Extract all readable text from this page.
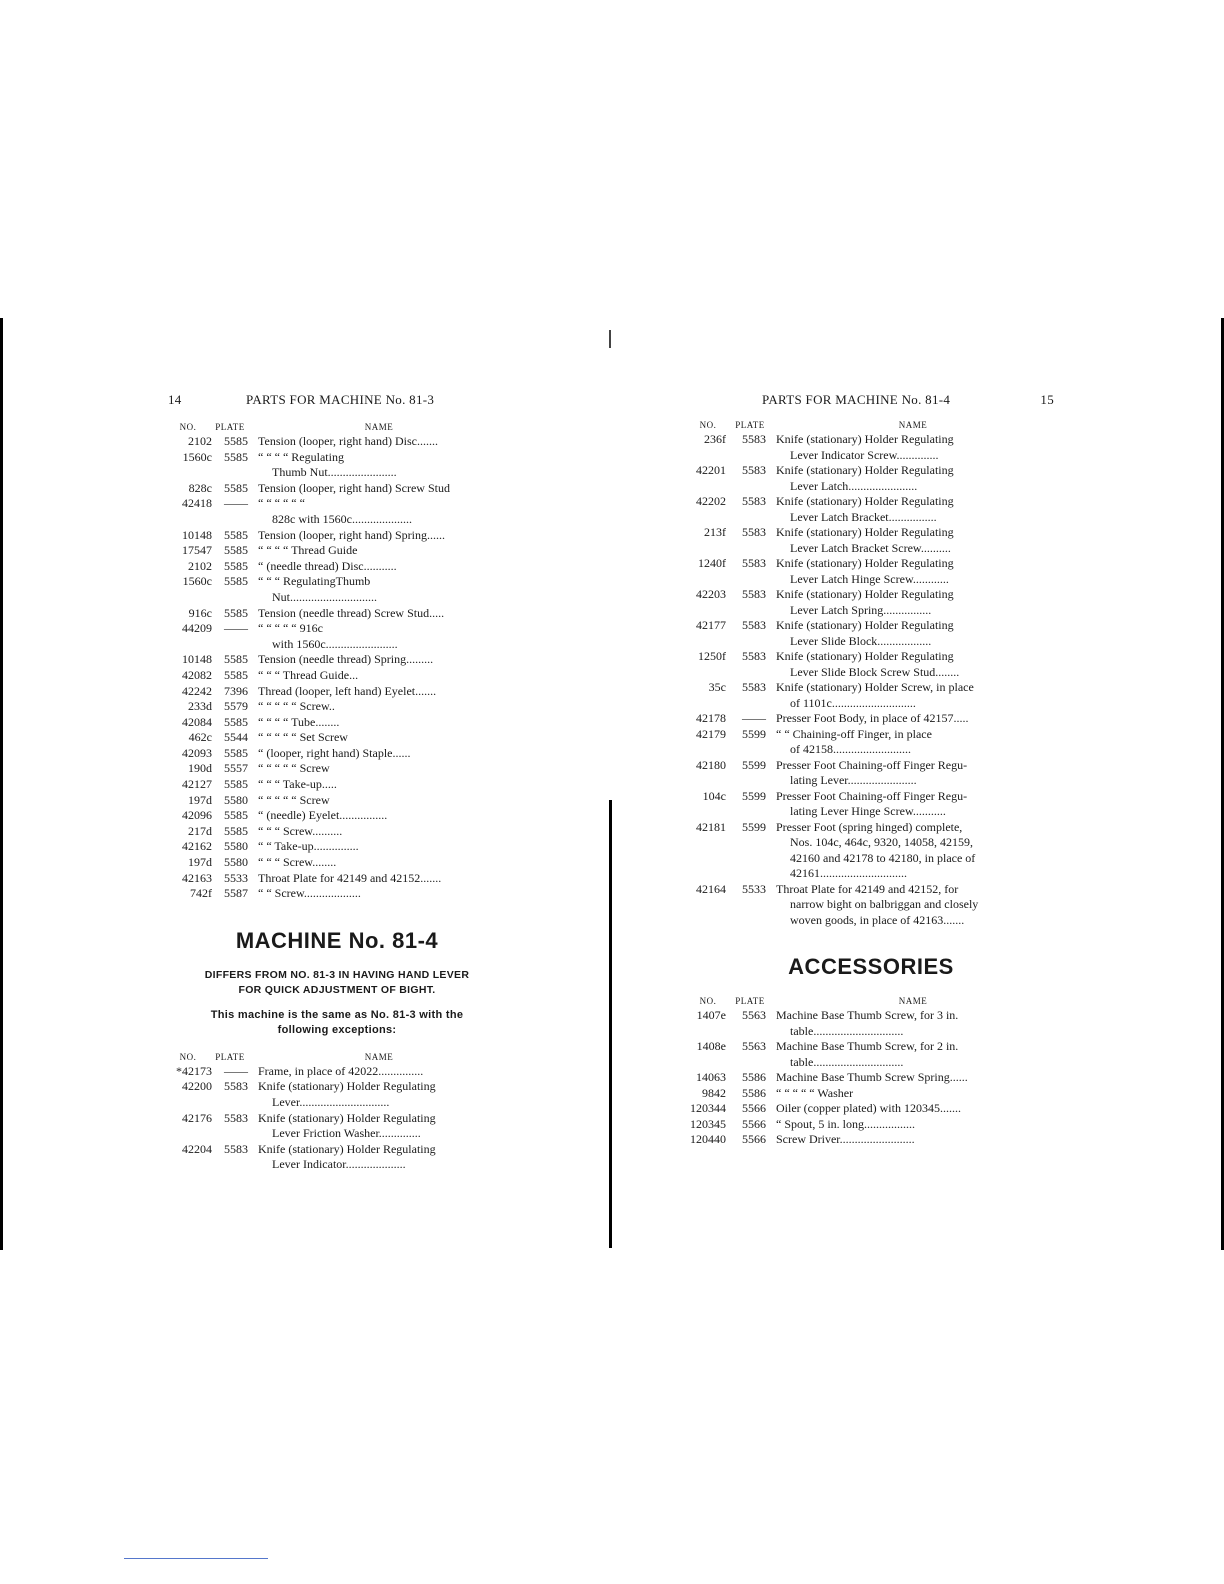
14	PARTS FOR MACHINE No. 81-3
NO.	PLATE	NAME
2102	5585 Tension (looper, right hand) Disc.......
1560c	5585 “ “ “ “ Regulating
Thumb Nut.......................
828c	5585 Tension (looper, right hand) Screw Stud
42418	—— “ “ “ “ “ “
828c with 1560c....................
10148	5585 Tension (looper, right hand) Spring......
17547	5585 “ “ “ “ Thread Guide
2102	5585 “ (needle thread) Disc...........
1560c	5585 “ “ “ RegulatingThumb
Nut.............................
916c	5585 Tension (needle thread) Screw Stud.....
44209	—— “ “ “ “ “ 916c
with 1560c........................
10148	5585 Tension (needle thread) Spring.........
42082	5585 “ “ “ Thread Guide...
42242	7396 Thread (looper, left hand) Eyelet.......
233d	5579 “ “ “ “ “ Screw..
42084	5585 “ “ “ “ Tube........
462c	5544 “ “ “ “ “ Set Screw
42093	5585 “ (looper, right hand) Staple......
190d	5557 “ “ “ “ “ Screw
42127	5585 “ “ “ Take-up.....
197d	5580 “ “ “ “ “ Screw
42096	5585 “ (needle) Eyelet................
217d	5585 “ “ “ Screw..........
42162	5580 “ “ Take-up...............
197d	5580 “ “ “ Screw........
42163	5533 Throat Plate for 42149 and 42152.......
742f	5587 “ “ Screw...................
MACHINE No. 81-4
DIFFERS FROM NO. 81-3 IN HAVING HAND LEVER
FOR QUICK ADJUSTMENT OF BIGHT.
This machine is the same as No. 81-3 with the
following exceptions:
NO.	PLATE	NAME
*42173	—— Frame, in place of 42022...............
42200	5583 Knife (stationary) Holder Regulating
Lever..............................
42176	5583 Knife (stationary) Holder Regulating
Lever Friction Washer..............
42204	5583 Knife (stationary) Holder Regulating
Lever Indicator....................
PARTS FOR MACHINE No. 81-4	15
NO.	PLATE	NAME
236f	5583 Knife (stationary) Holder Regulating
Lever Indicator Screw..............
42201	5583 Knife (stationary) Holder Regulating
Lever Latch.......................
42202	5583 Knife (stationary) Holder Regulating
Lever Latch Bracket................
213f	5583 Knife (stationary) Holder Regulating
Lever Latch Bracket Screw..........
1240f	5583 Knife (stationary) Holder Regulating
Lever Latch Hinge Screw............
42203	5583 Knife (stationary) Holder Regulating
Lever Latch Spring................
42177	5583 Knife (stationary) Holder Regulating
Lever Slide Block..................
1250f	5583 Knife (stationary) Holder Regulating
Lever Slide Block Screw Stud........
35c	5583 Knife (stationary) Holder Screw, in place
of 1101c............................
42178	—— Presser Foot Body, in place of 42157.....
42179	5599 “ “ Chaining-off Finger, in place
of 42158..........................
42180	5599 Presser Foot Chaining-off Finger Regu-
lating Lever.......................
104c	5599 Presser Foot Chaining-off Finger Regu-
lating Lever Hinge Screw...........
42181	5599 Presser Foot (spring hinged) complete,
Nos. 104c, 464c, 9320, 14058, 42159,
42160 and 42178 to 42180, in place of
42161.............................
42164	5533 Throat Plate for 42149 and 42152, for
narrow bight on balbriggan and closely
woven goods, in place of 42163.......
ACCESSORIES
NO.	PLATE	NAME
1407e	5563 Machine Base Thumb Screw, for 3 in.
table..............................
1408e	5563 Machine Base Thumb Screw, for 2 in.
table..............................
14063	5586 Machine Base Thumb Screw Spring......
9842	5586 “ “ “ “ “ Washer
120344	5566 Oiler (copper plated) with 120345.......
120345	5566 “ Spout, 5 in. long.................
120440	5566 Screw Driver.........................
